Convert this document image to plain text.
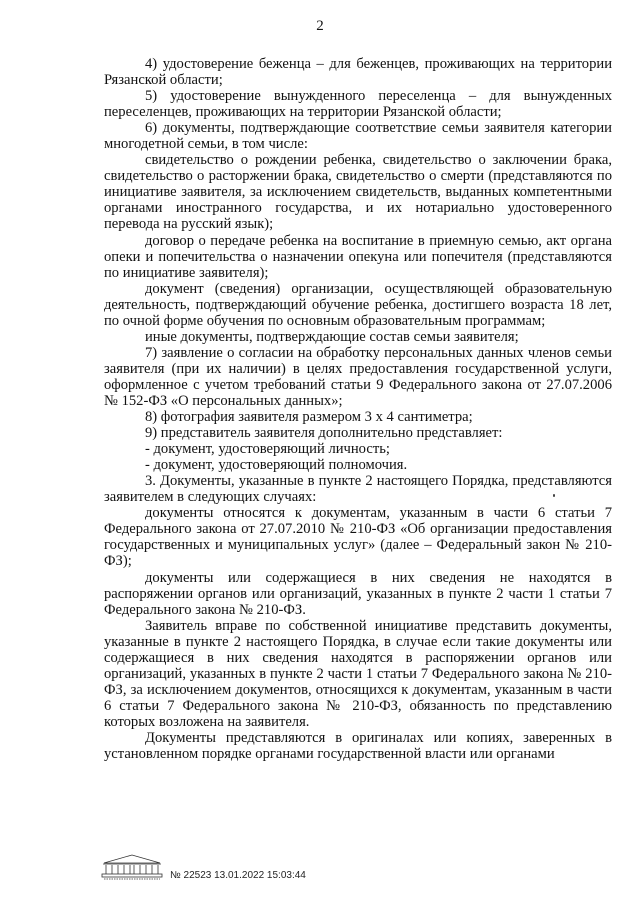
2

4) удостоверение беженца – для беженцев, проживающих на территории Рязанской области;

5) удостоверение вынужденного переселенца – для вынужденных переселенцев, проживающих на территории Рязанской области;

6) документы, подтверждающие соответствие семьи заявителя категории многодетной семьи, в том числе:

свидетельство о рождении ребенка, свидетельство о заключении брака, свидетельство о расторжении брака, свидетельство о смерти (представляются по инициативе заявителя, за исключением свидетельств, выданных компетентными органами иностранного государства, и их нотариально удостоверенного перевода на русский язык);

договор о передаче ребенка на воспитание в приемную семью, акт органа опеки и попечительства о назначении опекуна или попечителя (представляются по инициативе заявителя);

документ (сведения) организации, осуществляющей образовательную деятельность, подтверждающий обучение ребенка, достигшего возраста 18 лет, по очной форме обучения по основным образовательным программам;

иные документы, подтверждающие состав семьи заявителя;

7) заявление о согласии на обработку персональных данных членов семьи заявителя (при их наличии) в целях предоставления государственной услуги, оформленное с учетом требований статьи 9 Федерального закона от 27.07.2006 № 152-ФЗ «О персональных данных»;

8) фотография заявителя размером 3 х 4 сантиметра;

9) представитель заявителя дополнительно представляет:

- документ, удостоверяющий личность;

- документ, удостоверяющий полномочия.

3. Документы, указанные в пункте 2 настоящего Порядка, представляются заявителем в следующих случаях:

документы относятся к документам, указанным в части 6 статьи 7 Федерального закона от 27.07.2010 № 210-ФЗ «Об организации предоставления государственных и муниципальных услуг» (далее – Федеральный закон № 210-ФЗ);

документы или содержащиеся в них сведения не находятся в распоряжении органов или организаций, указанных в пункте 2 части 1 статьи 7 Федерального закона № 210-ФЗ.

Заявитель вправе по собственной инициативе представить документы, указанные в пункте 2 настоящего Порядка, в случае если такие документы или содержащиеся в них сведения находятся в распоряжении органов или организаций, указанных в пункте 2 части 1 статьи 7 Федерального закона № 210-ФЗ, за исключением документов, относящихся к документам, указанным в части 6 статьи 7 Федерального закона № 210-ФЗ, обязанность по представлению которых возложена на заявителя.

Документы представляются в оригиналах или копиях, заверенных в установленном порядке органами государственной власти или органами

№ 22523 13.01.2022 15:03:44
